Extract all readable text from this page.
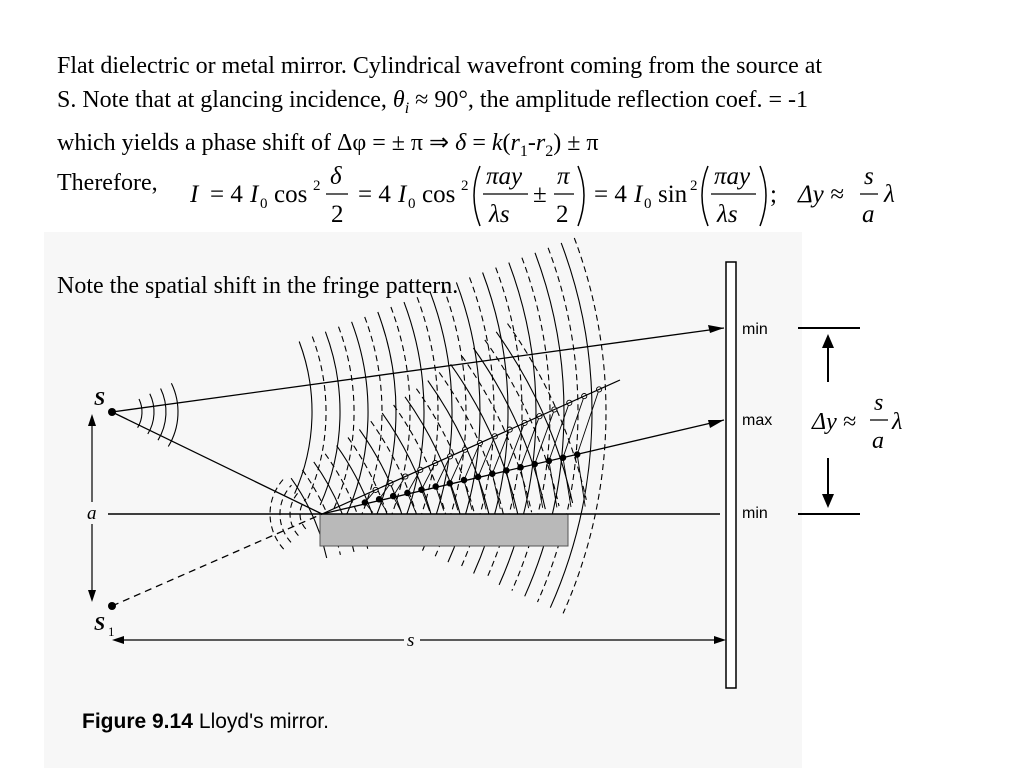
Flat dielectric or metal mirror. Cylindrical wavefront coming from the source at
S. Note that at glancing incidence, $\theta_i \approx 90^\circ$, the amplitude reflection coef. = -1
which yields a phase shift of Δφ = ± π ⇒ $\delta = k(r_1-r_2) \pm \pi$
Therefore, I = 4 I 0 cos 2 δ
2
= 4 I 0 cos 2 πay
λs
±
π
2
= 4 I 0 sin 2 πay
λs
; Δy ≈
s
a
λ
S
S 1
a
s
min
max
min
Δy ≈
s
a
λ
Note the spatial shift in the fringe pattern.
Figure 9.14 Lloyd's mirror.
